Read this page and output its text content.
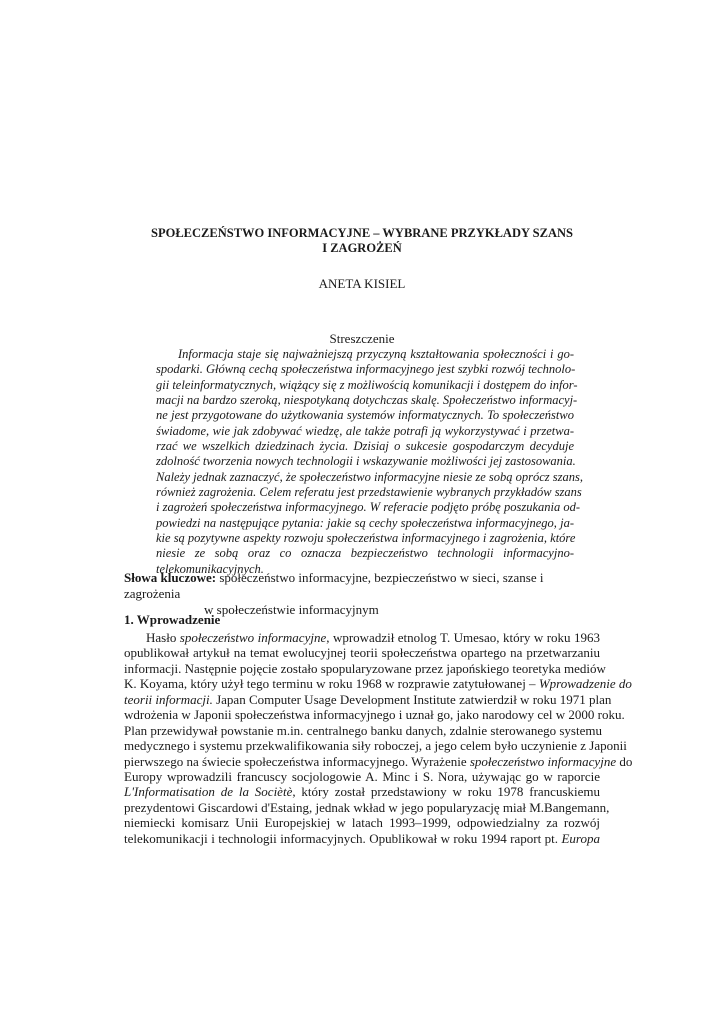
SPOŁECZEŃSTWO INFORMACYJNE – WYBRANE PRZYKŁADY SZANS
I ZAGROŻEŃ
ANETA KISIEL
Streszczenie
Informacja staje się najważniejszą przyczyną kształtowania społeczności i go-
spodarki. Główną cechą społeczeństwa informacyjnego jest szybki rozwój technolo-
gii teleinformatycznych, wiążący się z możliwością komunikacji i dostępem do infor-
macji na bardzo szeroką, niespotykaną dotychczas skalę. Społeczeństwo informacyj-
ne jest przygotowane do użytkowania systemów informatycznych. To społeczeństwo
świadome, wie jak zdobywać wiedzę, ale także potrafi ją wykorzystywać i przetwa-
rzać we wszelkich dziedzinach życia. Dzisiaj o sukcesie gospodarczym decyduje
zdolność tworzenia nowych technologii i wskazywanie możliwości jej zastosowania.
Należy jednak zaznaczyć, że społeczeństwo informacyjne niesie ze sobą oprócz szans,
również zagrożenia. Celem referatu jest przedstawienie wybranych przykładów szans
i zagrożeń społeczeństwa informacyjnego. W referacie podjęto próbę poszukania od-
powiedzi na następujące pytania: jakie są cechy społeczeństwa informacyjnego, ja-
kie są pozytywne aspekty rozwoju społeczeństwa informacyjnego i zagrożenia, które
niesie ze sobą oraz co oznacza bezpieczeństwo technologii informacyjno-
telekomunikacyjnych.
Słowa kluczowe: społeczeństwo informacyjne, bezpieczeństwo w sieci, szanse i zagrożenia
w społeczeństwie informacyjnym
1. Wprowadzenie
Hasło społeczeństwo informacyjne, wprowadził etnolog T. Umesao, który w roku 1963
opublikował artykuł na temat ewolucyjnej teorii społeczeństwa opartego na przetwarzaniu
informacji. Następnie pojęcie zostało spopularyzowane przez japońskiego teoretyka mediów
K. Koyama, który użył tego terminu w roku 1968 w rozprawie zatytułowanej – Wprowadzenie do
teorii informacji. Japan Computer Usage Development Institute zatwierdził w roku 1971 plan
wdrożenia w Japonii społeczeństwa informacyjnego i uznał go, jako narodowy cel w 2000 roku.
Plan przewidywał powstanie m.in. centralnego banku danych, zdalnie sterowanego systemu
medycznego i systemu przekwalifikowania siły roboczej, a jego celem było uczynienie z Japonii
pierwszego na świecie społeczeństwa informacyjnego. Wyrażenie społeczeństwo informacyjne do
Europy wprowadzili francuscy socjologowie A. Minc i S. Nora, używając go w raporcie
L'Informatisation de la Sociètè, który został przedstawiony w roku 1978 francuskiemu
prezydentowi Giscardowi d'Estaing, jednak wkład w jego popularyzację miał M.Bangemann,
niemiecki komisarz Unii Europejskiej w latach 1993–1999, odpowiedzialny za rozwój
telekomunikacji i technologii informacyjnych. Opublikował w roku 1994 raport pt. Europa
